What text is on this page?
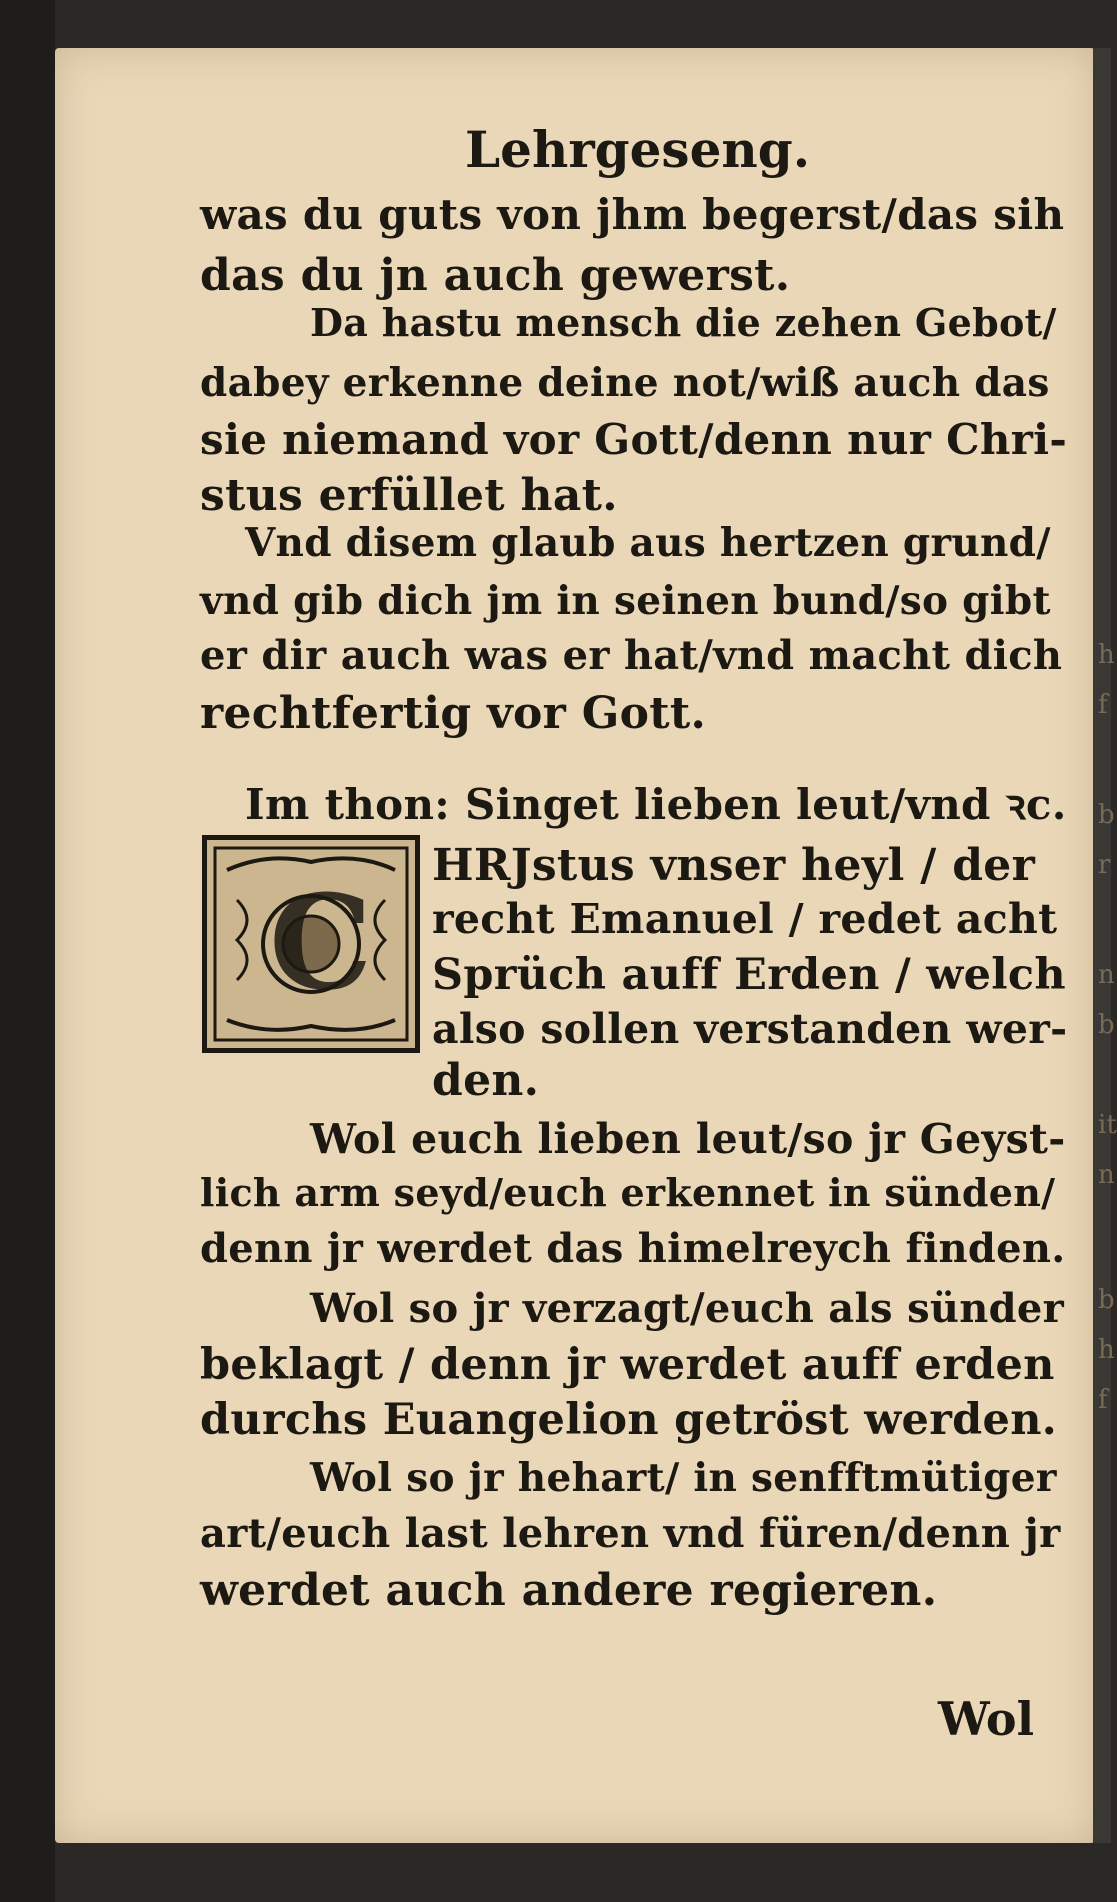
h
f
b
r
n
b
it
n
b
h
f
Lehrgeseng.
was du guts von jhm begerst/das sih
das du jn auch gewerst.
Da hastu mensch die zehen Gebot/
dabey erkenne deine not/wiß auch das
sie niemand vor Gott/denn nur Chri-
stus erfüllet hat.
Vnd disem glaub aus hertzen grund/
vnd gib dich jm in seinen bund/so gibt
er dir auch was er hat/vnd macht dich
rechtfertig vor Gott.
Im thon: Singet lieben leut/vnd ꝛc.
C
HRJstus vnser heyl / der
recht Emanuel / redet acht
Sprüch auff Erden / welch
also sollen verstanden wer-
den.
Wol euch lieben leut/so jr Geyst-
lich arm seyd/euch erkennet in sünden/
denn jr werdet das himelreych finden.
Wol so jr verzagt/euch als sünder
beklagt / denn jr werdet auff erden
durchs Euangelion getröst werden.
Wol so jr hehart/ in senfftmütiger
art/euch last lehren vnd füren/denn jr
werdet auch andere regieren.
Wol
